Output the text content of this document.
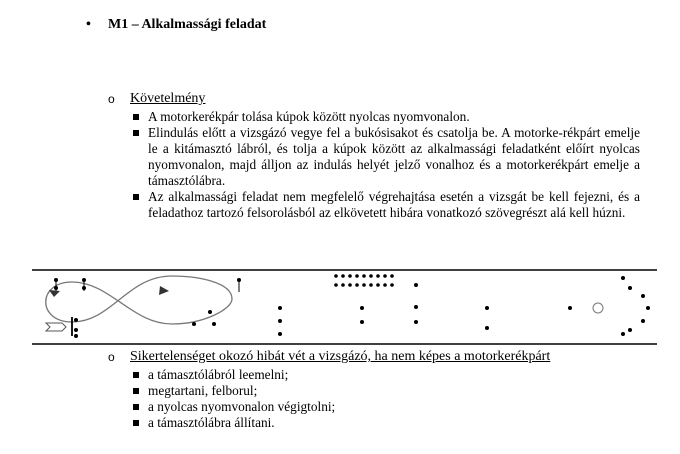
• M1 – Alkalmassági feladat
o Követelmény
A motorkerékpár tolása kúpok között nyolcas nyomvonalon.
Elindulás előtt a vizsgázó vegye fel a bukósisakot és csatolja be. A motorke-rékpárt emelje le a kitámasztó lábról, és tolja a kúpok között az alkalmassági feladatként előírt nyolcas nyomvonalon, majd álljon az indulás helyét jelző vonalhoz és a motorkerékpárt emelje a támasztólábra.
Az alkalmassági feladat nem megfelelő végrehajtása esetén a vizsgát be kell fejezni, és a feladathoz tartozó felsorolásból az elkövetett hibára vonatkozó szövegrészt alá kell húzni.
o Sikertelenséget okozó hibát vét a vizsgázó, ha nem képes a motorkerékpárt
a támasztólábról leemelni;
megtartani, felborul;
a nyolcas nyomvonalon végigtolni;
a támasztólábra állítani.
